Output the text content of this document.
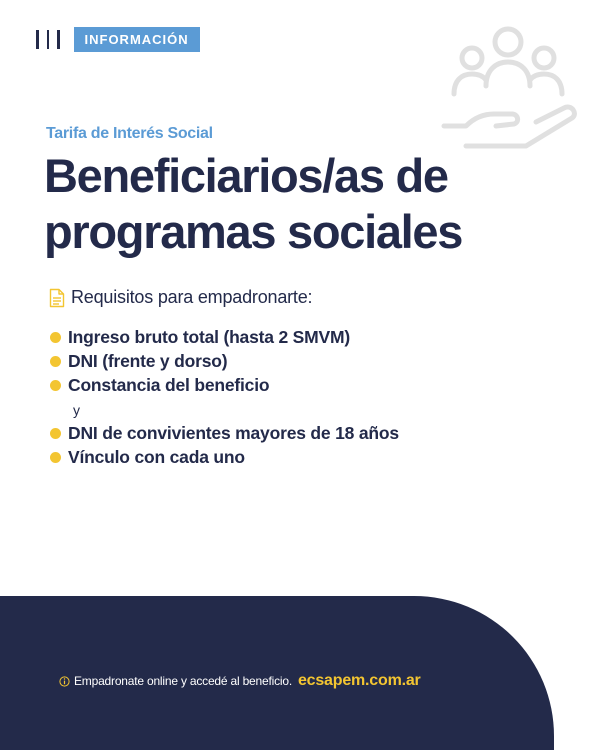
INFORMACIÓN
Tarifa de Interés Social
Beneficiarios/as de programas sociales
Requisitos para empadronarte:
Ingreso bruto total (hasta 2 SMVM)
DNI (frente y dorso)
Constancia del beneficio
y
DNI de convivientes mayores de 18 años
Vínculo con cada uno
Empadronate online y accedé al beneficio. ecsapem.com.ar
